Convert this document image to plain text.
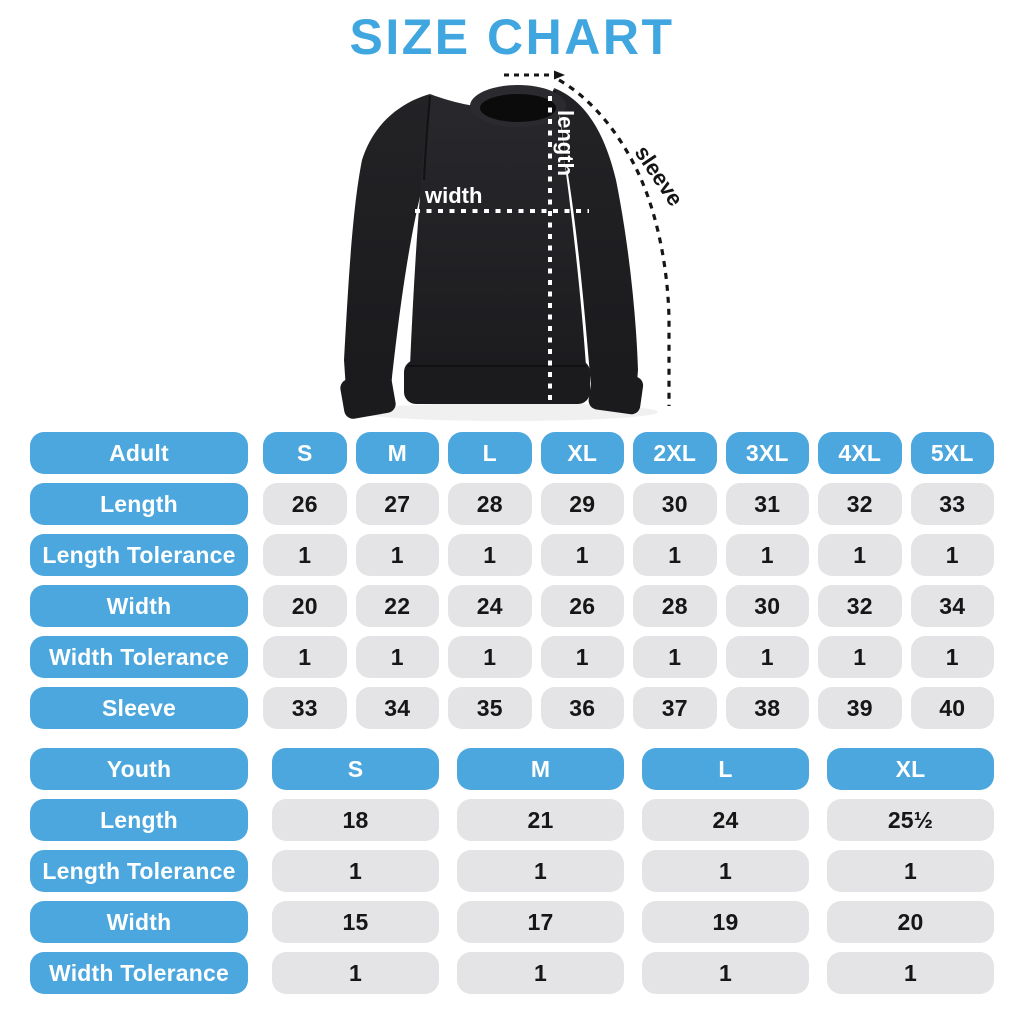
SIZE CHART
width
length sleeve
Adult	S	M	L	XL	2XL	3XL	4XL	5XL
Length	26	27	28	29	30	31	32	33
Length Tolerance	1	1	1	1	1	1	1	1
Width	20	22	24	26	28	30	32	34
Width Tolerance	1	1	1	1	1	1	1	1
Sleeve	33	34	35	36	37	38	39	40
Youth	S	M	L	XL
Length	18	21	24	25½
Length Tolerance	1	1	1	1
Width	15	17	19	20
Width Tolerance	1	1	1	1
